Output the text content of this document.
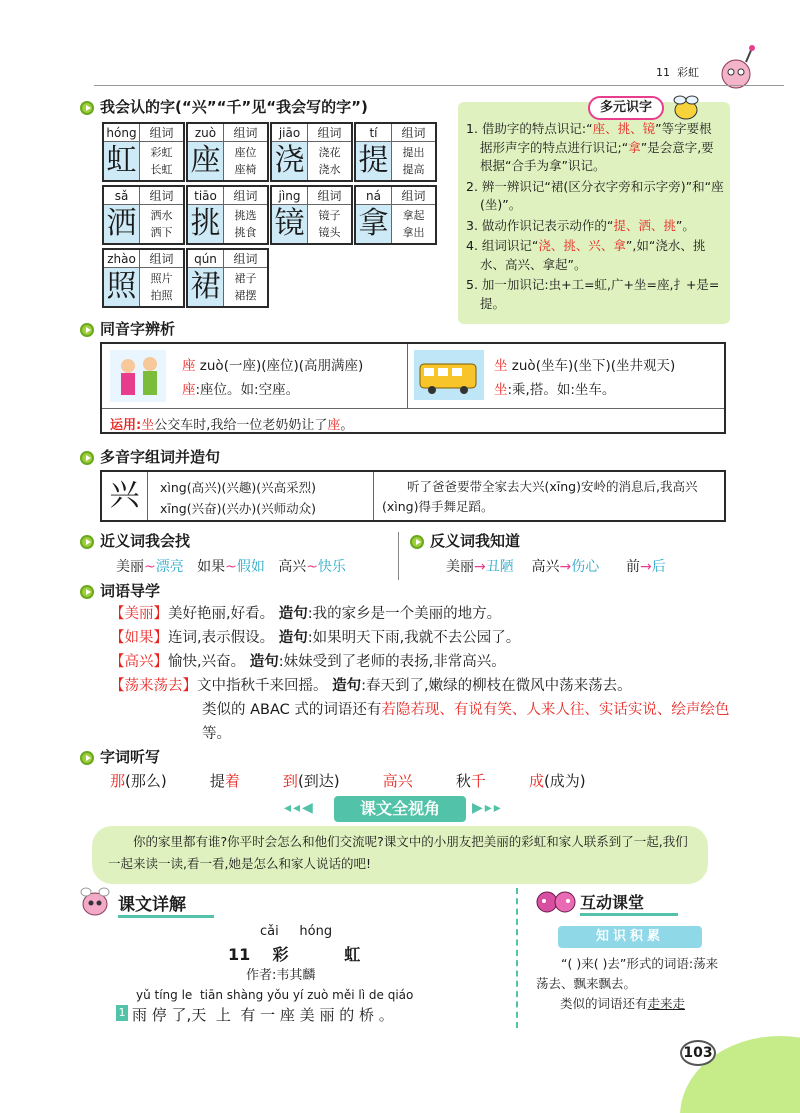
11 彩虹
我会认的字(“兴”“千”见“我会写的字”)
hóng	组词
虹	彩虹
长虹
zuò	组词
座	座位
座椅
jiāo	组词
浇	浇花
浇水
tí	组词
提	提出
提高
sǎ	组词
洒	洒水
洒下
tiāo	组词
挑	挑选
挑食
jìng	组词
镜	镜子
镜头
ná	组词
拿	拿起
拿出
zhào	组词
照	照片
拍照
qún	组词
裙	裙子
裙摆
多元识字
1. 借助字的特点识记:“座、挑、镜”等字要根据形声字的特点进行识记;“拿”是会意字,要根据“合手为拿”识记。
2. 辨一辨识记“裙(区分衣字旁和示字旁)”和“座(坐)”。
3. 做动作识记表示动作的“提、洒、挑”。
4. 组词识记“浇、挑、兴、拿”,如“浇水、挑水、高兴、拿起”。
5. 加一加识记:虫+工=虹,广+坐=座,扌+是=提。
同音字辨析
座 zuò(一座)(座位)(高朋满座)
座:座位。如:空座。
坐 zuò(坐车)(坐下)(坐井观天)
坐:乘,搭。如:坐车。
运用:坐公交车时,我给一位老奶奶让了座。
多音字组词并造句
兴	xìng(高兴)(兴趣)(兴高采烈)
xīng(兴奋)(兴办)(兴师动众)
听了爸爸要带全家去大兴(xīng)安岭的消息后,我高兴(xìng)得手舞足蹈。
近义词我会找	反义词我知道
美丽~漂亮 如果~假如 高兴~快乐	美丽→丑陋 高兴→伤心 前→后
词语导学
【美丽】美好艳丽,好看。 造句:我的家乡是一个美丽的地方。
【如果】连词,表示假设。 造句:如果明天下雨,我就不去公园了。
【高兴】愉快,兴奋。 造句:妹妹受到了老师的表扬,非常高兴。
【荡来荡去】文中指秋千来回摇。 造句:春天到了,嫩绿的柳枝在微风中荡来荡去。
类似的 ABAC 式的词语还有若隐若现、有说有笑、人来人往、实话实说、绘声绘色等。
字词听写
那(那么)	提着	到(到达)	高兴	秋千	成(成为)
◂◂◀	课文全视角	▶▸▸
你的家里都有谁?你平时会怎么和他们交流呢?课文中的小朋友把美丽的彩虹和家人联系到了一起,我们一起来读一读,看一看,她是怎么和家人说话的吧!
课文详解
cǎi     hóng
11 彩	虹
作者:韦其麟
yǔ tíng le  tiān shàng yǒu yí zuò měi lì de qiáo
1 雨 停 了,天  上  有 一 座 美 丽 的 桥 。
互动课堂
知识积累
“( )来( )去”形式的词语:荡来荡去、飘来飘去。
类似的词语还有走来走
103
